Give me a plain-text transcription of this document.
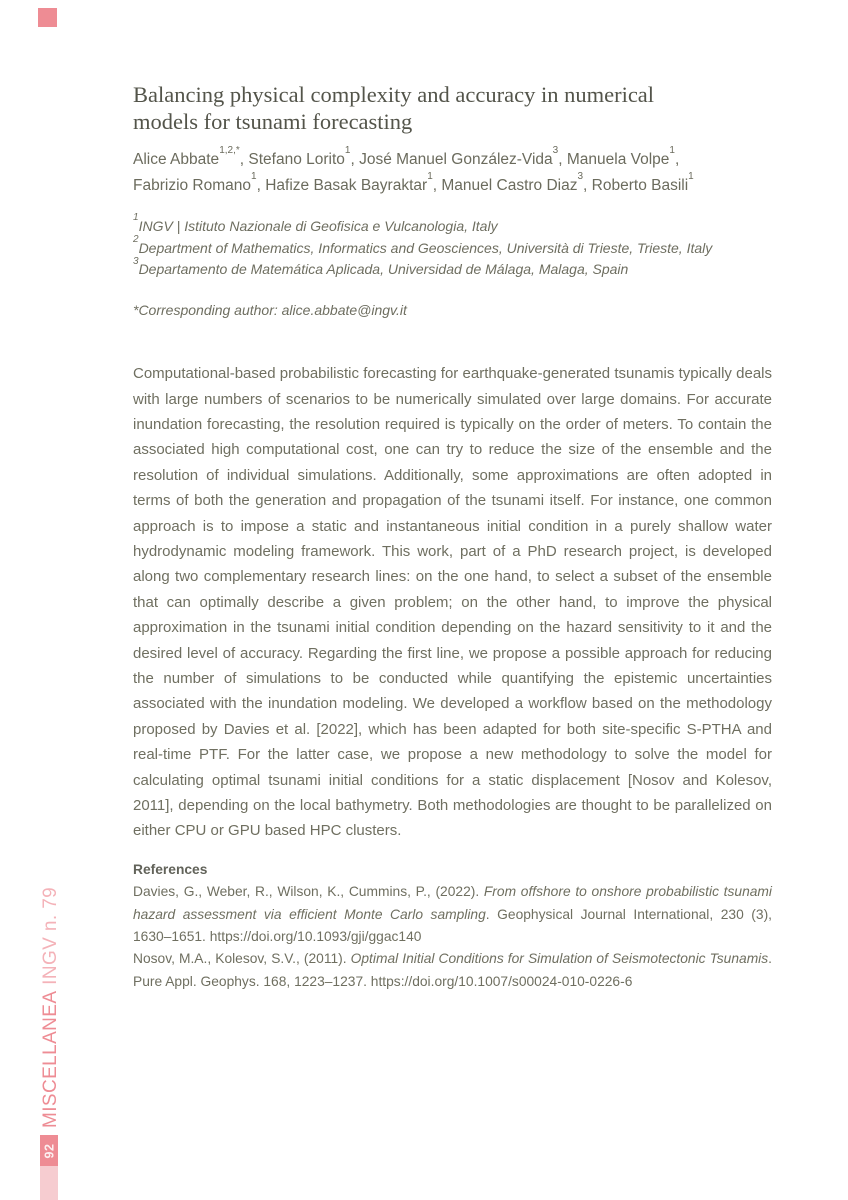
MISCELLANEA INGV n. 79
92
Balancing physical complexity and accuracy in numerical
models for tsunami forecasting
Alice Abbate$^{1,2,*}$, Stefano Lorito$^1$, José Manuel González-Vida$^3$, Manuela Volpe$^1$,
Fabrizio Romano$^1$, Hafize Basak Bayraktar$^1$, Manuel Castro Diaz$^3$, Roberto Basili$^1$
$^1$INGV | Istituto Nazionale di Geofisica e Vulcanologia, Italy
$^2$Department of Mathematics, Informatics and Geosciences, Università di Trieste, Trieste, Italy
$^3$Departamento de Matemática Aplicada, Universidad de Málaga, Malaga, Spain
*Corresponding author: alice.abbate@ingv.it

Computational-based probabilistic forecasting for earthquake-generated tsunamis typically deals with large numbers of scenarios to be numerically simulated over large domains. For accurate inundation forecasting, the resolution required is typically on the order of meters. To contain the associated high computational cost, one can try to reduce the size of the ensemble and the resolution of individual simulations. Additionally, some approximations are often adopted in terms of both the generation and propagation of the tsunami itself. For instance, one common approach is to impose a static and instantaneous initial condition in a purely shallow water hydrodynamic modeling framework. This work, part of a PhD research project, is developed along two complementary research lines: on the one hand, to select a subset of the ensemble that can optimally describe a given problem; on the other hand, to improve the physical approximation in the tsunami initial condition depending on the hazard sensitivity to it and the desired level of accuracy. Regarding the first line, we propose a possible approach for reducing the number of simulations to be conducted while quantifying the epistemic uncertainties associated with the inundation modeling. We developed a workflow based on the methodology proposed by Davies et al. [2022], which has been adapted for both site-specific S-PTHA and real-time PTF. For the latter case, we propose a new methodology to solve the model for calculating optimal tsunami initial conditions for a static displacement [Nosov and Kolesov, 2011], depending on the local bathymetry. Both methodologies are thought to be parallelized on either CPU or GPU based HPC clusters.

References

Davies, G., Weber, R., Wilson, K., Cummins, P., (2022). From offshore to onshore probabilistic tsunami hazard assessment via efficient Monte Carlo sampling. Geophysical Journal International, 230 (3), 1630–1651. https://doi.org/10.1093/gji/ggac140

Nosov, M.A., Kolesov, S.V., (2011). Optimal Initial Conditions for Simulation of Seismotectonic Tsunamis. Pure Appl. Geophys. 168, 1223–1237. https://doi.org/10.1007/s00024-010-0226-6
